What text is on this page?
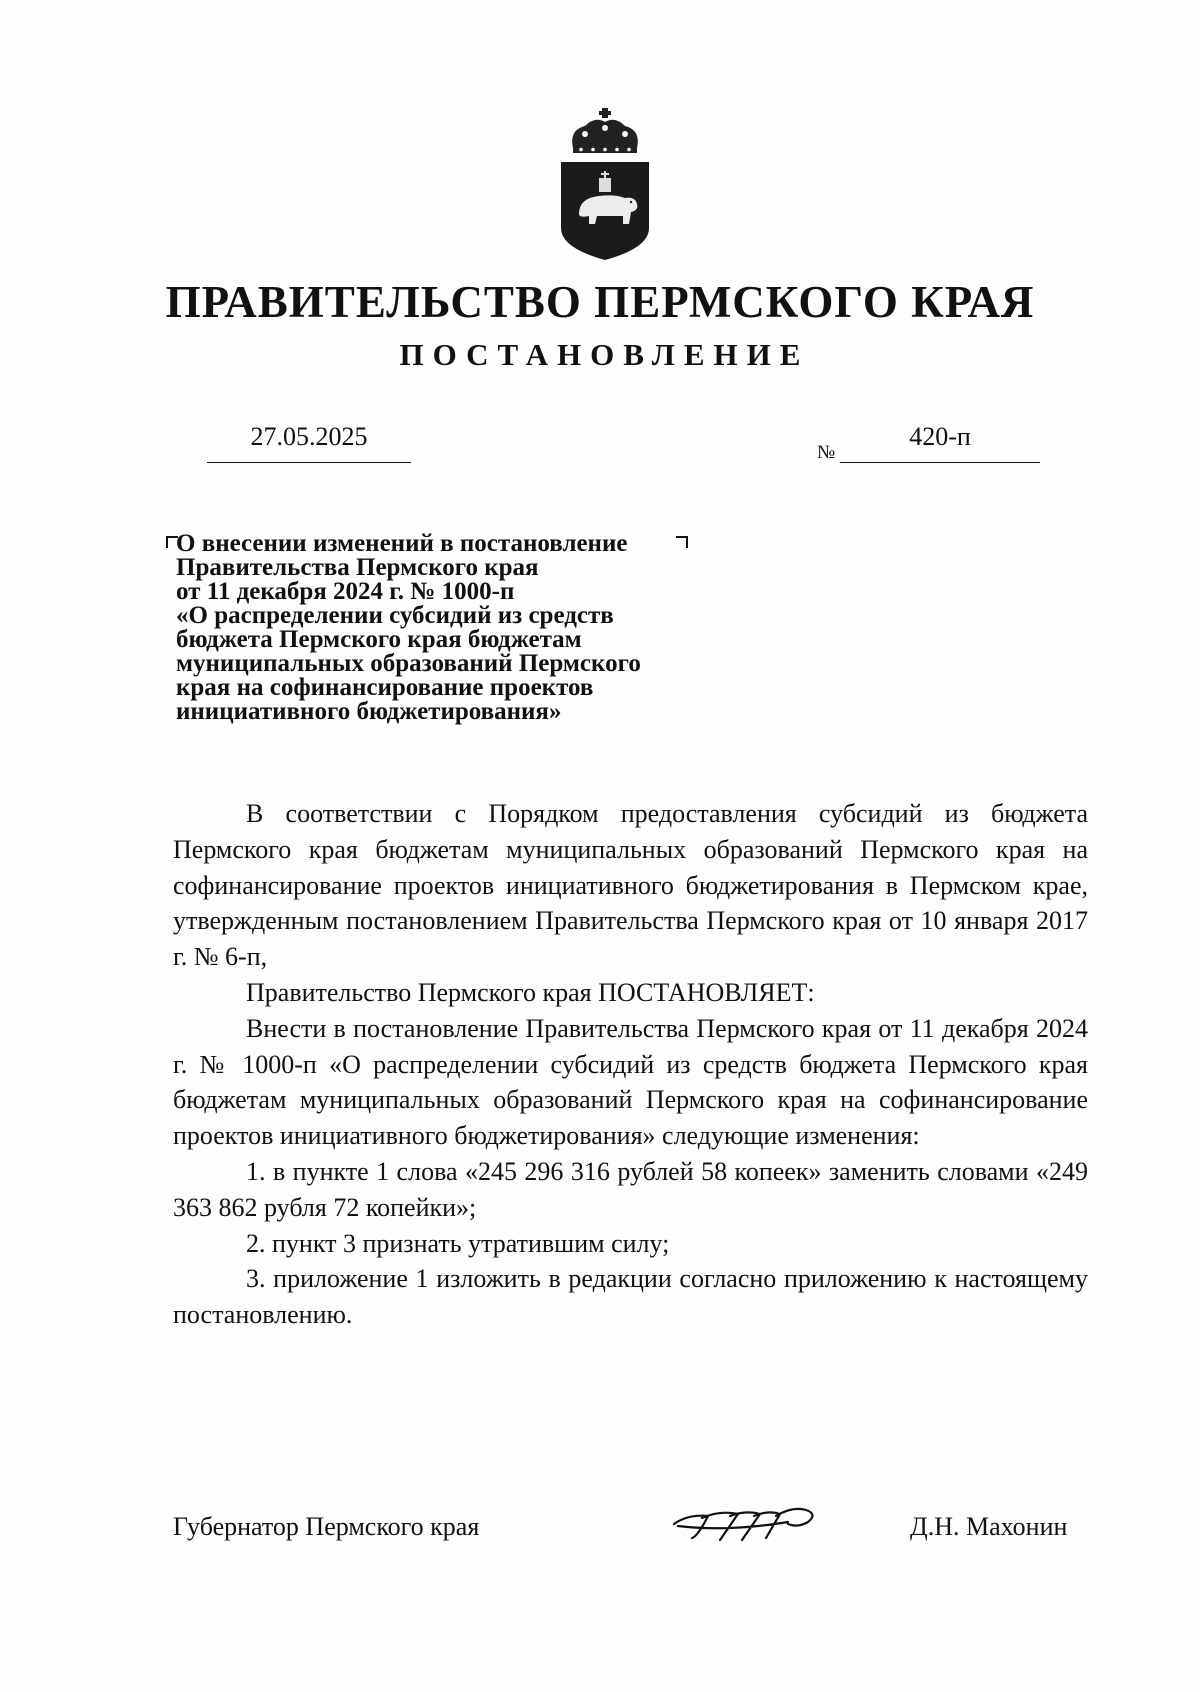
ПРАВИТЕЛЬСТВО ПЕРМСКОГО КРАЯ
ПОСТАНОВЛЕНИЕ
27.05.2025
№
420-п
О внесении изменений в постановление
Правительства Пермского края
от 11 декабря 2024 г. № 1000-п
«О распределении субсидий из средств
бюджета Пермского края бюджетам
муниципальных образований Пермского
края на софинансирование проектов
инициативного бюджетирования»

В соответствии с Порядком предоставления субсидий из бюджета Пермского края бюджетам муниципальных образований Пермского края на софинансирование проектов инициативного бюджетирования в Пермском крае, утвержденным постановлением Правительства Пермского края от 10 января 2017 г. № 6-п,

Правительство Пермского края ПОСТАНОВЛЯЕТ:

Внести в постановление Правительства Пермского края от 11 декабря 2024 г. № 1000-п «О распределении субсидий из средств бюджета Пермского края бюджетам муниципальных образований Пермского края на софинансирование проектов инициативного бюджетирования» следующие изменения:

1. в пункте 1 слова «245 296 316 рублей 58 копеек» заменить словами «249 363 862 рубля 72 копейки»;

2. пункт 3 признать утратившим силу;

3. приложение 1 изложить в редакции согласно приложению к настоящему постановлению.

Губернатор Пермского края	Д.Н. Махонин
